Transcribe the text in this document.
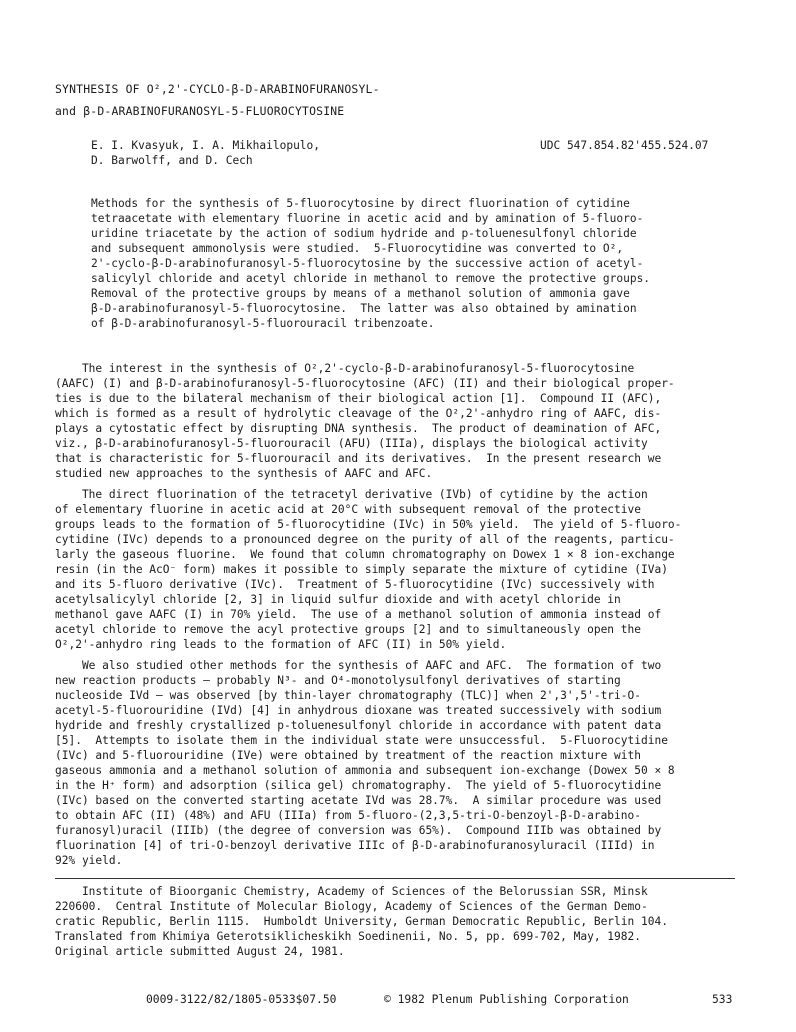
SYNTHESIS OF O²,2'-CYCLO-β-D-ARABINOFURANOSYL-
and β-D-ARABINOFURANOSYL-5-FLUOROCYTOSINE
E. I. Kvasyuk, I. A. Mikhailopulo,
D. Barwolff, and D. Cech
UDC 547.854.82'455.524.07
Methods for the synthesis of 5-fluorocytosine by direct fluorination of cytidine
tetraacetate with elementary fluorine in acetic acid and by amination of 5-fluoro-
uridine triacetate by the action of sodium hydride and p-toluenesulfonyl chloride
and subsequent ammonolysis were studied.  5-Fluorocytidine was converted to O²,
2'-cyclo-β-D-arabinofuranosyl-5-fluorocytosine by the successive action of acetyl-
salicylyl chloride and acetyl chloride in methanol to remove the protective groups.
Removal of the protective groups by means of a methanol solution of ammonia gave
β-D-arabinofuranosyl-5-fluorocytosine.  The latter was also obtained by amination
of β-D-arabinofuranosyl-5-fluorouracil tribenzoate.
The interest in the synthesis of O²,2'-cyclo-β-D-arabinofuranosyl-5-fluorocytosine
(AAFC) (I) and β-D-arabinofuranosyl-5-fluorocytosine (AFC) (II) and their biological proper-
ties is due to the bilateral mechanism of their biological action [1].  Compound II (AFC),
which is formed as a result of hydrolytic cleavage of the O²,2'-anhydro ring of AAFC, dis-
plays a cytostatic effect by disrupting DNA synthesis.  The product of deamination of AFC,
viz., β-D-arabinofuranosyl-5-fluorouracil (AFU) (IIIa), displays the biological activity
that is characteristic for 5-fluorouracil and its derivatives.  In the present research we
studied new approaches to the synthesis of AAFC and AFC.
The direct fluorination of the tetracetyl derivative (IVb) of cytidine by the action
of elementary fluorine in acetic acid at 20°C with subsequent removal of the protective
groups leads to the formation of 5-fluorocytidine (IVc) in 50% yield.  The yield of 5-fluoro-
cytidine (IVc) depends to a pronounced degree on the purity of all of the reagents, particu-
larly the gaseous fluorine.  We found that column chromatography on Dowex 1 × 8 ion-exchange
resin (in the AcO⁻ form) makes it possible to simply separate the mixture of cytidine (IVa)
and its 5-fluoro derivative (IVc).  Treatment of 5-fluorocytidine (IVc) successively with
acetylsalicylyl chloride [2, 3] in liquid sulfur dioxide and with acetyl chloride in
methanol gave AAFC (I) in 70% yield.  The use of a methanol solution of ammonia instead of
acetyl chloride to remove the acyl protective groups [2] and to simultaneously open the
O²,2'-anhydro ring leads to the formation of AFC (II) in 50% yield.
We also studied other methods for the synthesis of AAFC and AFC.  The formation of two
new reaction products — probably N³- and O⁴-monotolysulfonyl derivatives of starting
nucleoside IVd — was observed [by thin-layer chromatography (TLC)] when 2',3',5'-tri-O-
acetyl-5-fluorouridine (IVd) [4] in anhydrous dioxane was treated successively with sodium
hydride and freshly crystallized p-toluenesulfonyl chloride in accordance with patent data
[5].  Attempts to isolate them in the individual state were unsuccessful.  5-Fluorocytidine
(IVc) and 5-fluorouridine (IVe) were obtained by treatment of the reaction mixture with
gaseous ammonia and a methanol solution of ammonia and subsequent ion-exchange (Dowex 50 × 8
in the H⁺ form) and adsorption (silica gel) chromatography.  The yield of 5-fluorocytidine
(IVc) based on the converted starting acetate IVd was 28.7%.  A similar procedure was used
to obtain AFC (II) (48%) and AFU (IIIa) from 5-fluoro-(2,3,5-tri-O-benzoyl-β-D-arabino-
furanosyl)uracil (IIIb) (the degree of conversion was 65%).  Compound IIIb was obtained by
fluorination [4] of tri-O-benzoyl derivative IIIc of β-D-arabinofuranosyluracil (IIId) in
92% yield.
Institute of Bioorganic Chemistry, Academy of Sciences of the Belorussian SSR, Minsk
220600.  Central Institute of Molecular Biology, Academy of Sciences of the German Demo-
cratic Republic, Berlin 1115.  Humboldt University, German Democratic Republic, Berlin 104.
Translated from Khimiya Geterotsiklicheskikh Soedinenii, No. 5, pp. 699-702, May, 1982.
Original article submitted August 24, 1981.
0009-3122/82/1805-0533$07.50	© 1982 Plenum Publishing Corporation	533
